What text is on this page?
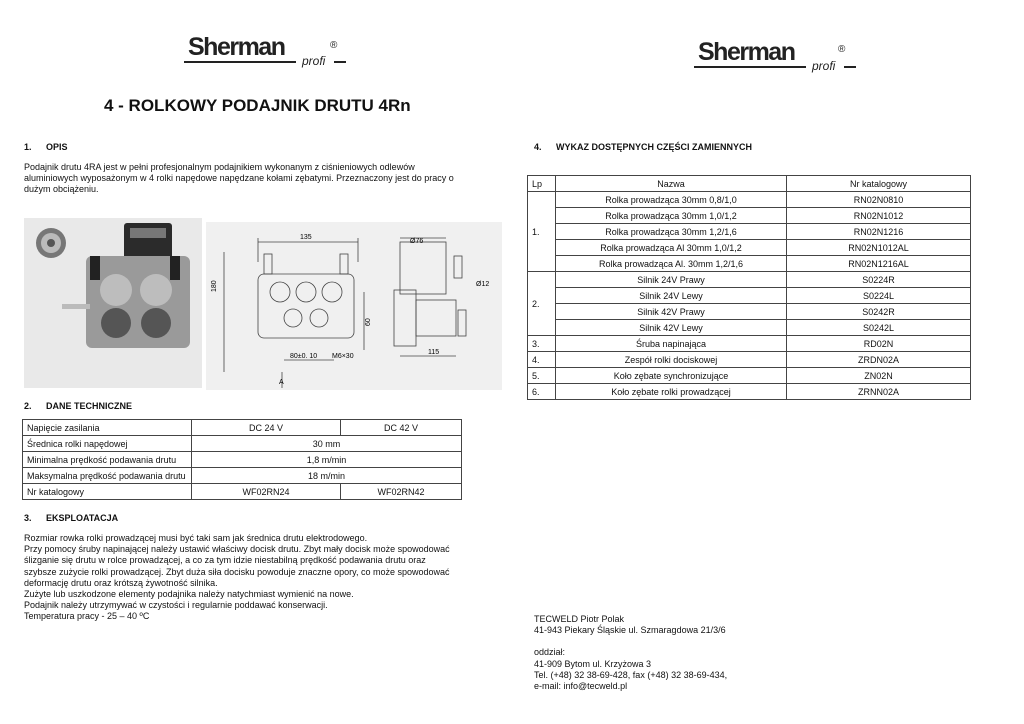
Sherman profi
®	Sherman profi
®
4 - ROLKOWY PODAJNIK DRUTU 4Rn
1. OPIS
Podajnik drutu 4RA jest w pełni profesjonalnym podajnikiem wykonanym z ciśnieniowych odlewów
aluminiowych wyposażonym w 4 rolki napędowe napędzane kołami zębatymi. Przeznaczony jest do pracy o
dużym obciążeniu.
135
Ø76
180
60
80±0. 10 M6×30
115
Ø12
A
2. DANE TECHNICZNE
Napięcie zasilania	DC 24 V	DC 42 V
Średnica rolki napędowej	30 mm	
Minimalna prędkość podawania drutu	1,8 m/min	
Maksymalna prędkość podawania drutu	18 m/min	
Nr katalogowy	WF02RN24	WF02RN42
3. EKSPLOATACJA
Rozmiar rowka rolki prowadzącej musi być taki sam jak średnica drutu elektrodowego.
Przy pomocy śruby napinającej należy ustawić właściwy docisk drutu. Zbyt mały docisk może spowodować
ślizganie się drutu w rolce prowadzącej, a co za tym idzie niestabilną prędkość podawania drutu oraz
szybsze zużycie rolki prowadzącej. Zbyt duża siła docisku powoduje znaczne opory, co może spowodować
deformację drutu oraz krótszą żywotność silnika.
Zużyte lub uszkodzone elementy podajnika należy natychmiast wymienić na nowe.
Podajnik należy utrzymywać w czystości i regularnie poddawać konserwacji.
Temperatura pracy - 25 – 40 ºC
4. WYKAZ DOSTĘPNYCH CZĘŚCI ZAMIENNYCH
Lp	Nazwa	Nr katalogowy
1.	Rolka prowadząca 30mm 0,8/1,0	RN02N0810
	Rolka prowadząca 30mm 1,0/1,2	RN02N1012
	Rolka prowadząca 30mm 1,2/1,6	RN02N1216
	Rolka prowadząca Al 30mm 1,0/1,2	RN02N1012AL
	Rolka prowadząca Al. 30mm 1,2/1,6	RN02N1216AL
2.	Silnik 24V Prawy	S0224R
	Silnik 24V Lewy	S0224L
	Silnik 42V Prawy	S0242R
	Silnik 42V Lewy	S0242L
3.	Śruba napinająca	RD02N
4.	Zespół rolki dociskowej	ZRDN02A
5.	Koło zębate synchronizujące	ZN02N
6.	Koło zębate rolki prowadzącej	ZRNN02A
TECWELD Piotr Polak
41-943 Piekary Śląskie ul. Szmaragdowa 21/3/6
oddział:
41-909 Bytom ul. Krzyżowa 3
Tel. (+48) 32 38-69-428, fax (+48) 32 38-69-434,
e-mail: info@tecweld.pl
